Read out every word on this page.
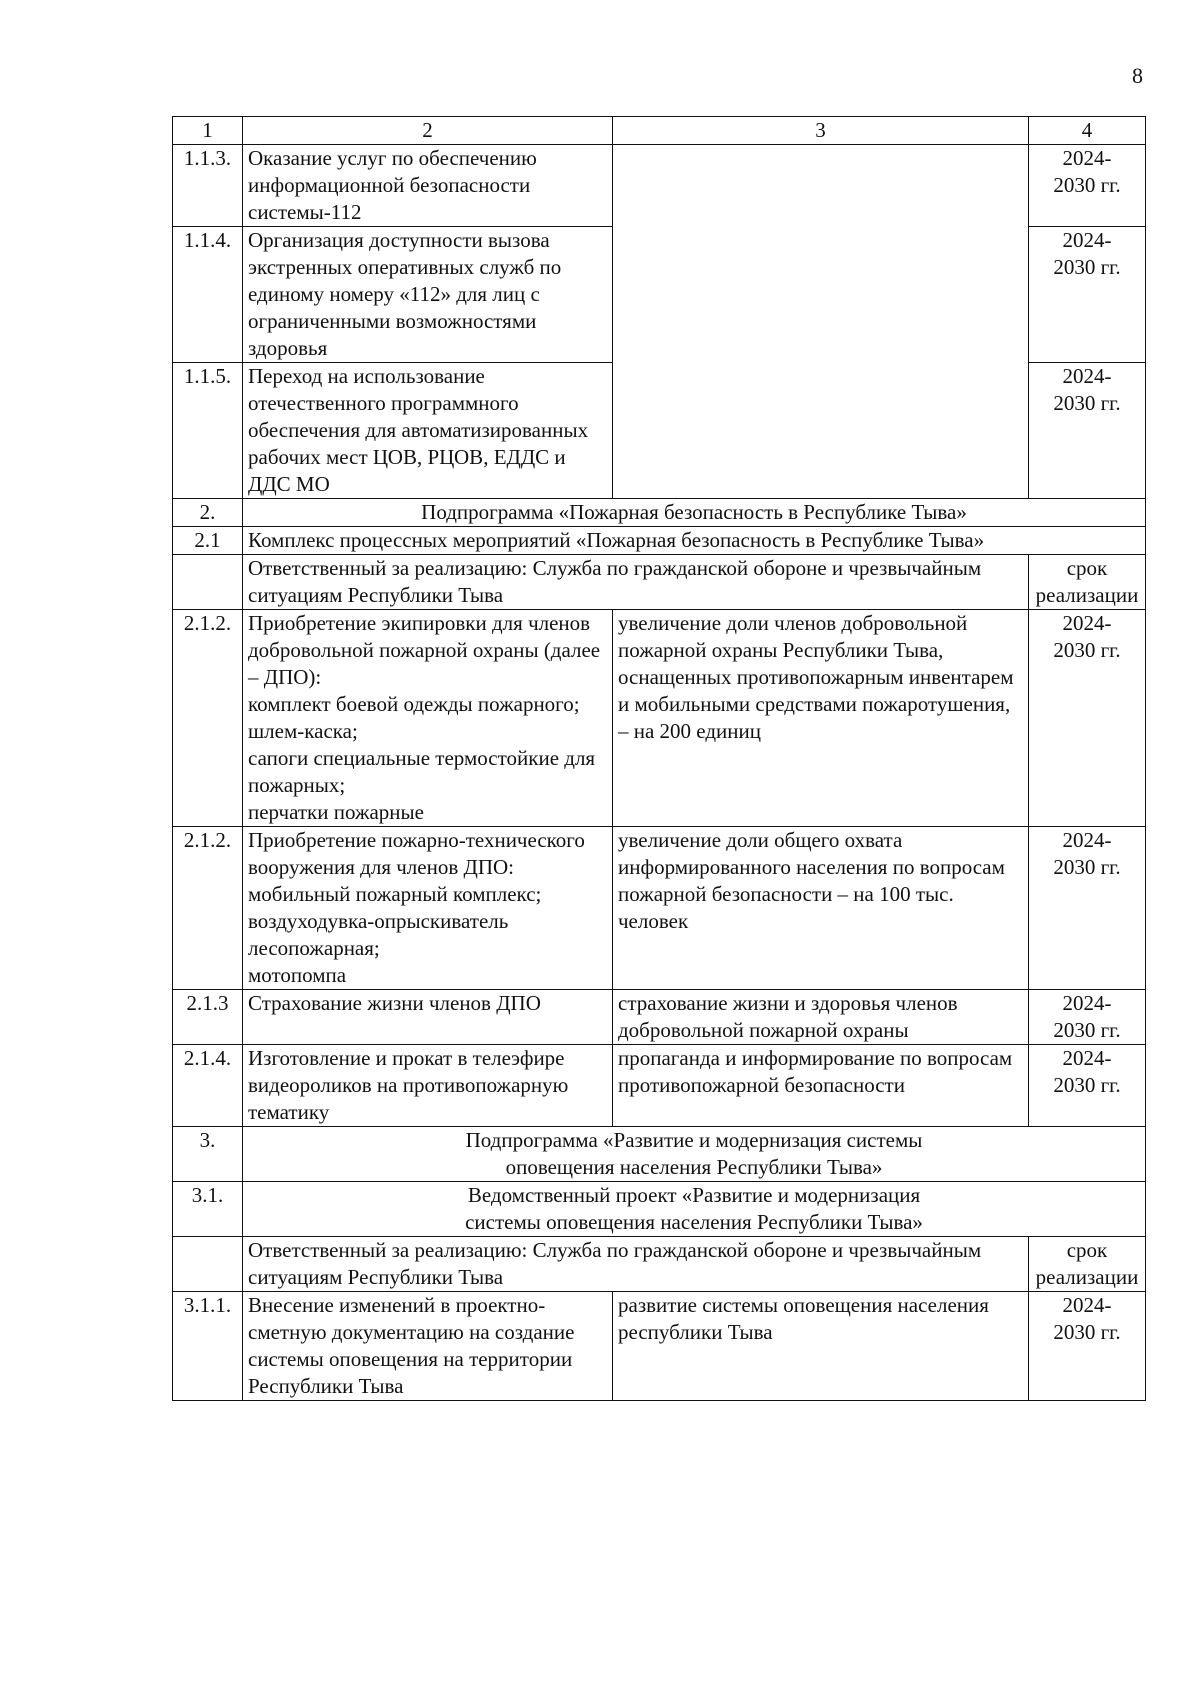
8
1	2	3	4
1.1.3.	Оказание услуг по обеспечению информационной безопасности системы-112		2024-
2030 гг.
1.1.4.	Организация доступности вызова экстренных оперативных служб по единому номеру «112» для лиц с ограниченными возможностями здоровья		2024-
2030 гг.
1.1.5.	Переход на использование отечественного программного обеспечения для автоматизированных рабочих мест ЦОВ, РЦОВ, ЕДДС и ДДС МО		2024-
2030 гг.
2.	Подпрограмма «Пожарная безопасность в Республике Тыва»		
2.1	Комплекс процессных мероприятий «Пожарная безопасность в Республике Тыва»		
	Ответственный за реализацию: Служба по гражданской обороне и чрезвычайным ситуациям Республики Тыва		срок реализации
2.1.2.	Приобретение экипировки для членов добровольной пожарной охраны (далее – ДПО):
комплект боевой одежды пожарного;
шлем-каска;
сапоги специальные термостойкие для пожарных;
перчатки пожарные	увеличение доли членов добровольной пожарной охраны Республики Тыва, оснащенных противопожарным инвентарем и мобильными средствами пожаротушения, – на 200 единиц	2024-
2030 гг.
2.1.2.	Приобретение пожарно-технического вооружения для членов ДПО:
мобильный пожарный комплекс;
воздуходувка-опрыскиватель лесопожарная;
мотопомпа	увеличение доли общего охвата информированного населения по вопросам пожарной безопасности – на 100 тыс. человек	2024-
2030 гг.
2.1.3	Страхование жизни членов ДПО	страхование жизни и здоровья членов добровольной пожарной охраны	2024-
2030 гг.
2.1.4.	Изготовление и прокат в телеэфире видеороликов на противопожарную тематику	пропаганда и информирование по вопросам противопожарной безопасности	2024-
2030 гг.
3.	Подпрограмма «Развитие и модернизация системы
оповещения населения Республики Тыва»		
3.1.	Ведомственный проект «Развитие и модернизация
системы оповещения населения Республики Тыва»		
	Ответственный за реализацию: Служба по гражданской обороне и чрезвычайным ситуациям Республики Тыва		срок реализации
3.1.1.	Внесение изменений в проектно-сметную документацию на создание системы оповещения на территории Республики Тыва	развитие системы оповещения населения республики Тыва	2024-
2030 гг.
